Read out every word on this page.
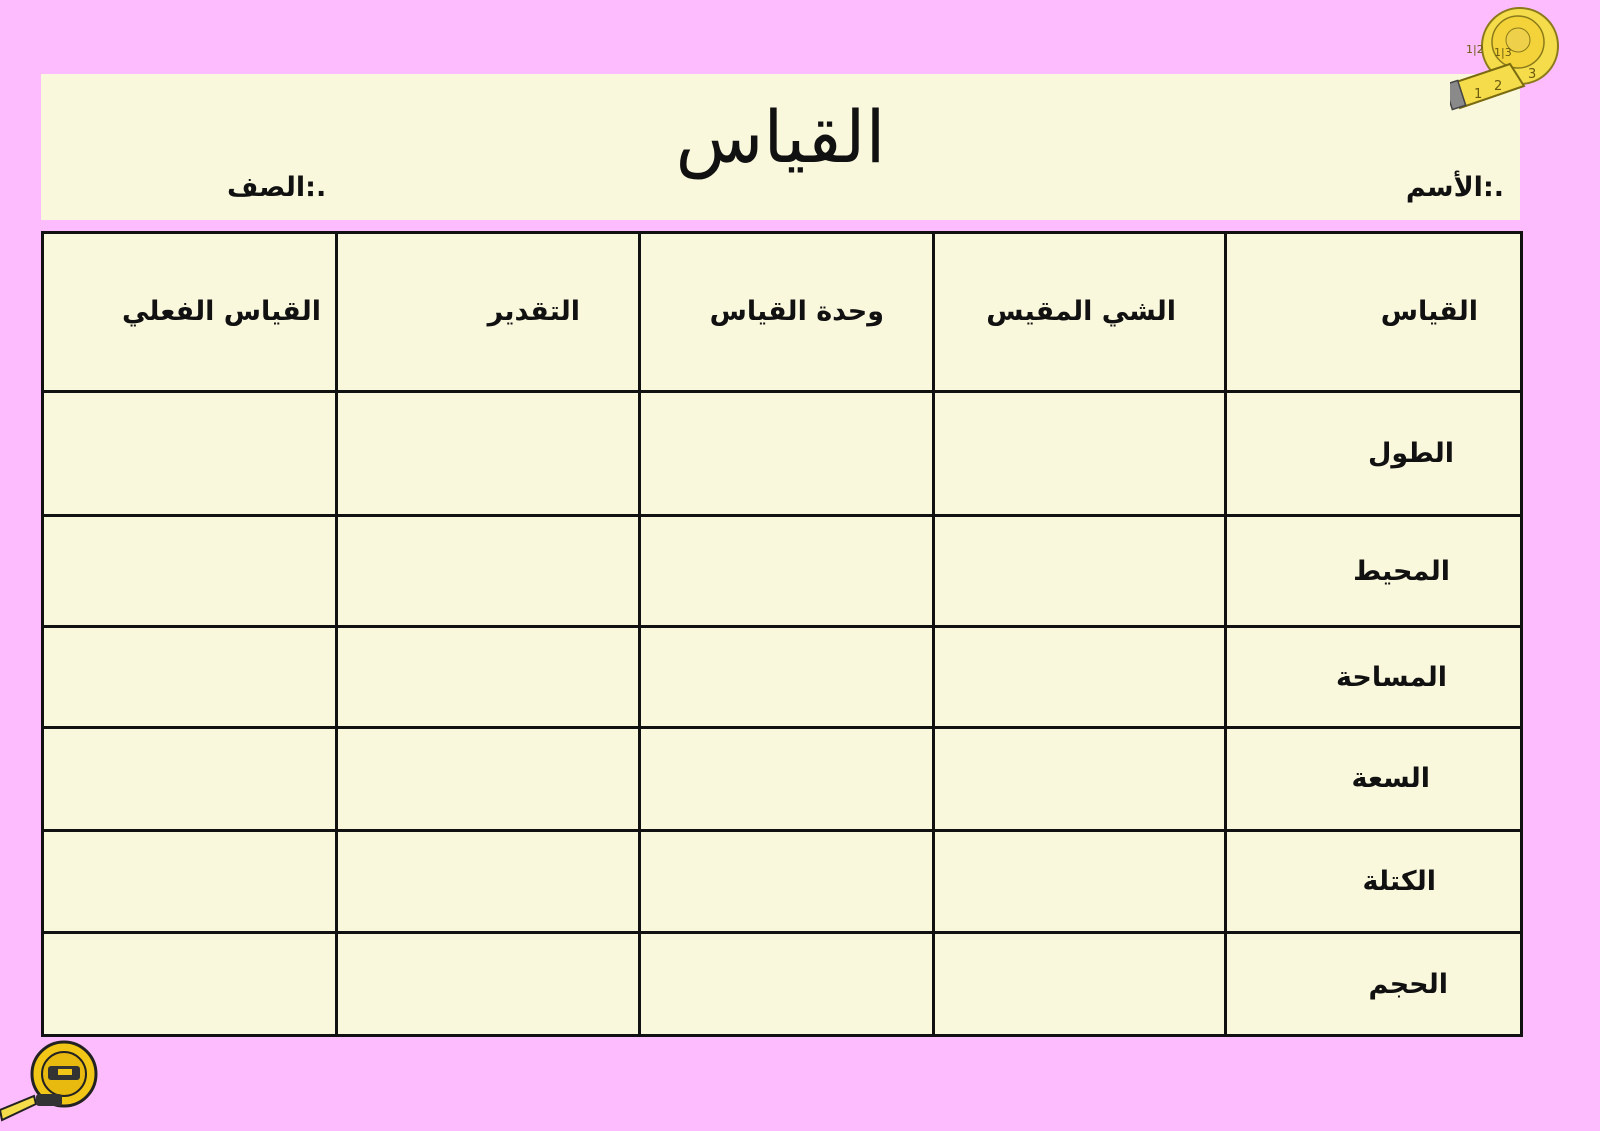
القياس
الأسم:.
الصف:.
1|2 1|3
1
2
3
القياس	الشي المقيس	وحدة القياس	التقدير	القياس الفعلي

الطول				

المحيط				

المساحة				

السعة				

الكتلة				

الحجم				
